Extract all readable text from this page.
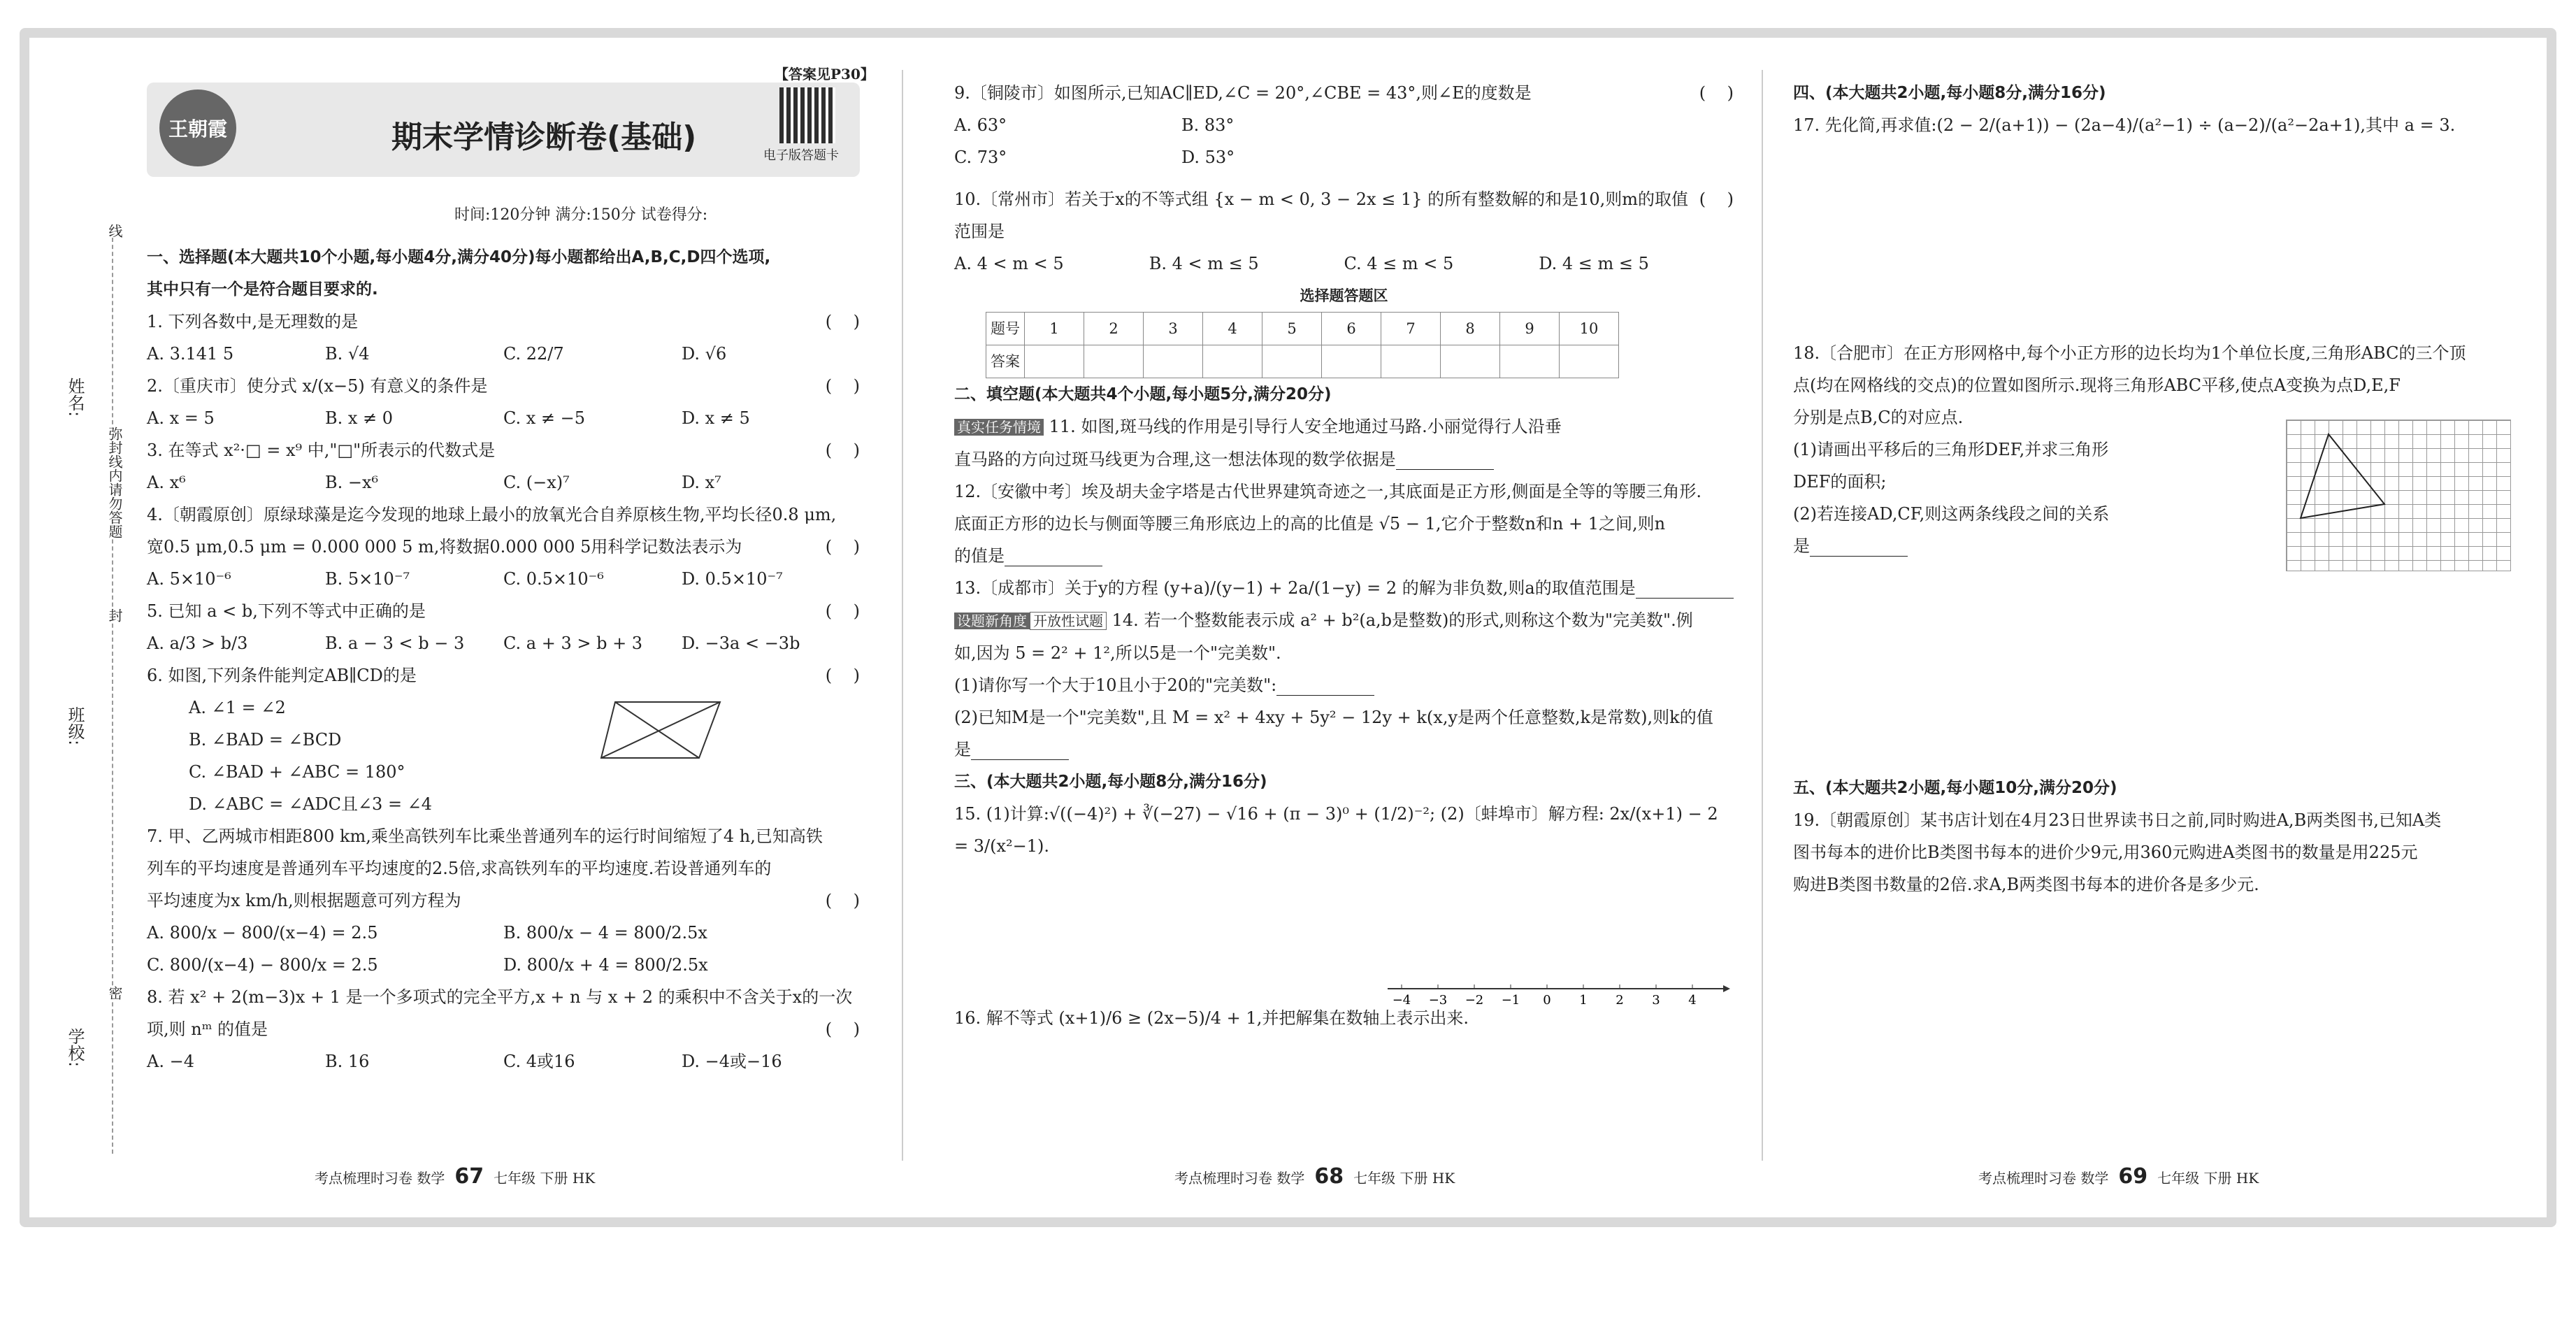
【答案见P30】
王朝霞	期末学情诊断卷(基础)
电子版答题卡
时间:120分钟 满分:150分 试卷得分:
姓名:
班级:
学校:
线
弥封线内请勿答题
封
密
一、选择题(本大题共10个小题,每小题4分,满分40分)每小题都给出A,B,C,D四个选项,
其中只有一个是符合题目要求的.
1. 下列各数中,是无理数的是	(    )
A. 3.141 5	B. √4	C. 22/7	D. √6
2.〔重庆市〕使分式 x/(x−5) 有意义的条件是	(    )
A. x = 5	B. x ≠ 0	C. x ≠ −5	D. x ≠ 5
3. 在等式 x²·□ = x⁹ 中,"□"所表示的代数式是	(    )
A. x⁶	B. −x⁶	C. (−x)⁷	D. x⁷
4.〔朝霞原创〕原绿球藻是迄今发现的地球上最小的放氧光合自养原核生物,平均长径0.8 μm,
宽0.5 μm,0.5 μm = 0.000 000 5 m,将数据0.000 000 5用科学记数法表示为	(    )
A. 5×10⁻⁶	B. 5×10⁻⁷	C. 0.5×10⁻⁶	D. 0.5×10⁻⁷
5. 已知 a < b,下列不等式中正确的是	(    )
A. a/3 > b/3	B. a − 3 < b − 3	C. a + 3 > b + 3	D. −3a < −3b
6. 如图,下列条件能判定AB∥CD的是	(    )
A. ∠1 = ∠2
B. ∠BAD = ∠BCD
C. ∠BAD + ∠ABC = 180°
D. ∠ABC = ∠ADC且∠3 = ∠4
7. 甲、乙两城市相距800 km,乘坐高铁列车比乘坐普通列车的运行时间缩短了4 h,已知高铁
列车的平均速度是普通列车平均速度的2.5倍,求高铁列车的平均速度.若设普通列车的
平均速度为x km/h,则根据题意可列方程为	(    )
A. 800/x − 800/(x−4) = 2.5	B. 800/x − 4 = 800/2.5x
C. 800/(x−4) − 800/x = 2.5	D. 800/x + 4 = 800/2.5x
8. 若 x² + 2(m−3)x + 1 是一个多项式的完全平方,x + n 与 x + 2 的乘积中不含关于x的一次
项,则 nᵐ 的值是	(    )
A. −4	B. 16	C. 4或16	D. −4或−16
考点梳理时习卷 数学 67 七年级 下册 HK
9.〔铜陵市〕如图所示,已知AC∥ED,∠C = 20°,∠CBE = 43°,则∠E的度数是	(    )
A. 63°	B. 83°
C. 73°	D. 53°
10.〔常州市〕若关于x的不等式组 {x − m < 0, 3 − 2x ≤ 1} 的所有整数解的和是10,则m的取值范围是
(    )
A. 4 < m < 5	B. 4 < m ≤ 5	C. 4 ≤ m < 5	D. 4 ≤ m ≤ 5
选择题答题区
题号	1	2	3	4	5	6	7	8	9	10
答案										
二、填空题(本大题共4个小题,每小题5分,满分20分)
真实任务情境 11. 如图,斑马线的作用是引导行人安全地通过马路.小丽觉得行人沿垂
直马路的方向过斑马线更为合理,这一想法体现的数学依据是
12.〔安徽中考〕埃及胡夫金字塔是古代世界建筑奇迹之一,其底面是正方形,侧面是全等的等腰三角形.
底面正方形的边长与侧面等腰三角形底边上的高的比值是 √5 − 1,它介于整数n和n + 1之间,则n
的值是
13.〔成都市〕关于y的方程 (y+a)/(y−1) + 2a/(1−y) = 2 的解为非负数,则a的取值范围是
设题新角度 开放性试题 14. 若一个整数能表示成 a² + b²(a,b是整数)的形式,则称这个数为"完美数".例
如,因为 5 = 2² + 1²,所以5是一个"完美数".
(1)请你写一个大于10且小于20的"完美数":
(2)已知M是一个"完美数",且 M = x² + 4xy + 5y² − 12y + k(x,y是两个任意整数,k是常数),则k的值
是
三、(本大题共2小题,每小题8分,满分16分)
15. (1)计算:√((−4)²) + ∛(−27) − √16 + (π − 3)⁰ + (1/2)⁻²; (2)〔蚌埠市〕解方程: 2x/(x+1) − 2 = 3/(x²−1).
16. 解不等式 (x+1)/6 ≥ (2x−5)/4 + 1,并把解集在数轴上表示出来.
−4 −3 −2 −1 0 1 2 3 4
考点梳理时习卷 数学 68 七年级 下册 HK
四、(本大题共2小题,每小题8分,满分16分)
17. 先化简,再求值:(2 − 2/(a+1)) − (2a−4)/(a²−1) ÷ (a−2)/(a²−2a+1),其中 a = 3.
18.〔合肥市〕在正方形网格中,每个小正方形的边长均为1个单位长度,三角形ABC的三个顶
点(均在网格线的交点)的位置如图所示.现将三角形ABC平移,使点A变换为点D,E,F
分别是点B,C的对应点.
(1)请画出平移后的三角形DEF,并求三角形
DEF的面积;
(2)若连接AD,CF,则这两条线段之间的关系
是
五、(本大题共2小题,每小题10分,满分20分)
19.〔朝霞原创〕某书店计划在4月23日世界读书日之前,同时购进A,B两类图书,已知A类
图书每本的进价比B类图书每本的进价少9元,用360元购进A类图书的数量是用225元
购进B类图书数量的2倍.求A,B两类图书每本的进价各是多少元.
考点梳理时习卷 数学 69 七年级 下册 HK
